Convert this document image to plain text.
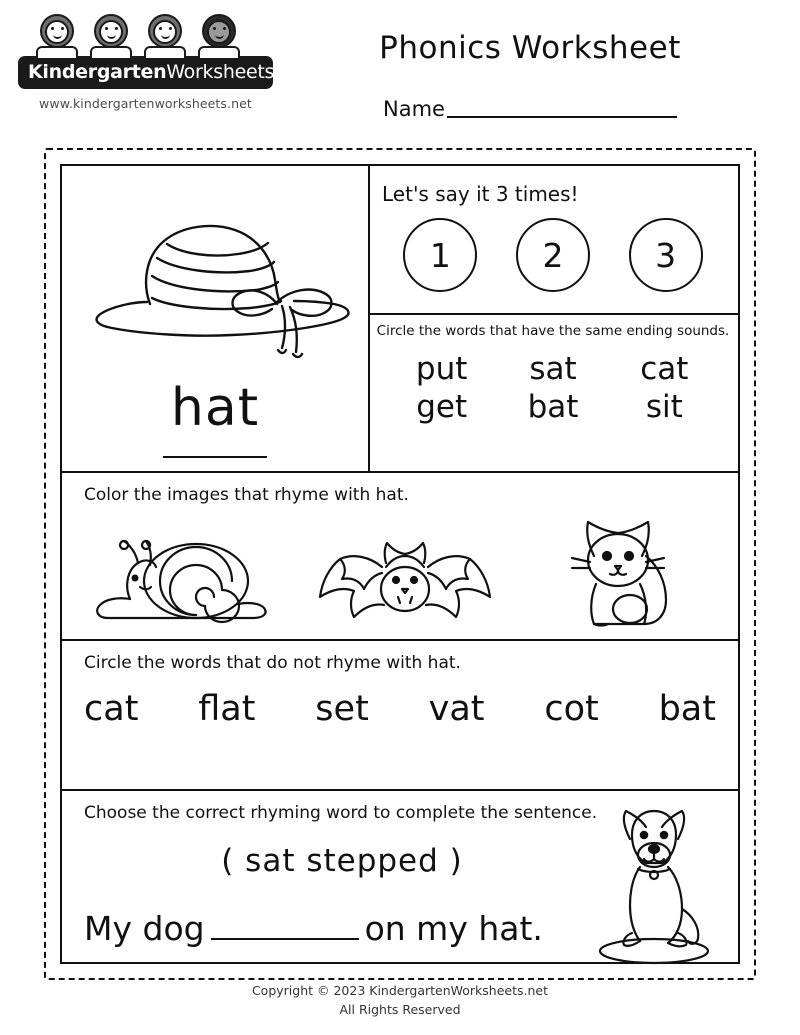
KindergartenWorksheets.net
www.kindergartenworksheets.net
Phonics Worksheet
Name
hat
Let's say it 3 times!
1	2	3
Circle the words that have the same ending sounds.
put	sat	cat
get	bat	sit
Color the images that rhyme with hat.
Circle the words that do not rhyme with hat.
cat flat set vat cot bat
Choose the correct rhyming word to complete the sentence.
( sat stepped )
My dog	on my hat.
Copyright © 2023 KindergartenWorksheets.net
All Rights Reserved
